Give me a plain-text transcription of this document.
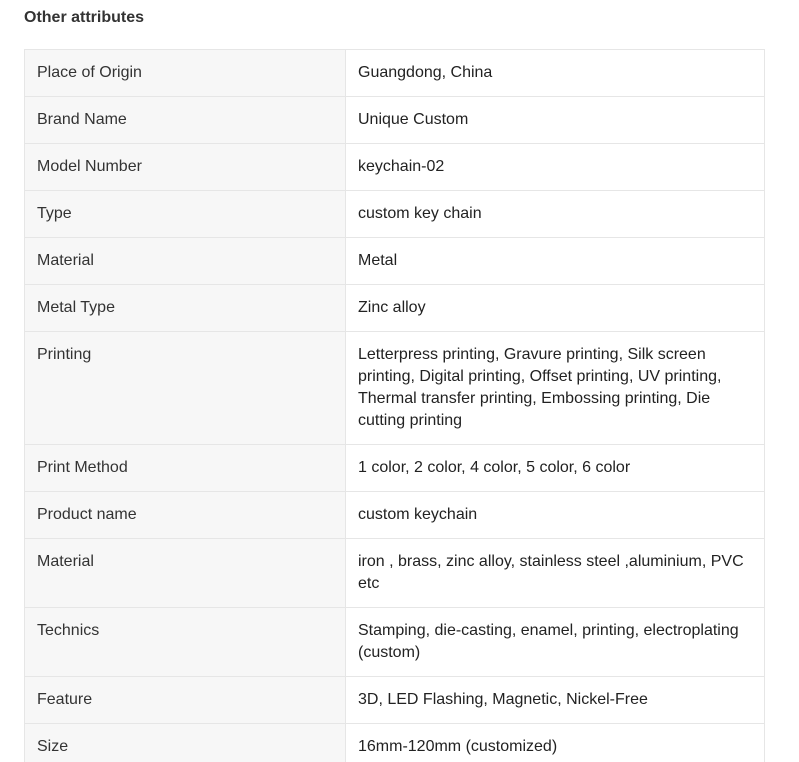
Other attributes
Place of Origin	Guangdong, China
Brand Name	Unique Custom
Model Number	keychain-02
Type	custom key chain
Material	Metal
Metal Type	Zinc alloy
Printing	Letterpress printing, Gravure printing, Silk screen printing, Digital printing, Offset printing, UV printing, Thermal transfer printing, Embossing printing, Die cutting printing
Print Method	1 color, 2 color, 4 color, 5 color, 6 color
Product name	custom keychain
Material	iron , brass, zinc alloy, stainless steel ,aluminium, PVC etc
Technics	Stamping, die-casting, enamel, printing, electroplating (custom)
Feature	3D, LED Flashing, Magnetic, Nickel-Free
Size	16mm-120mm (customized)
